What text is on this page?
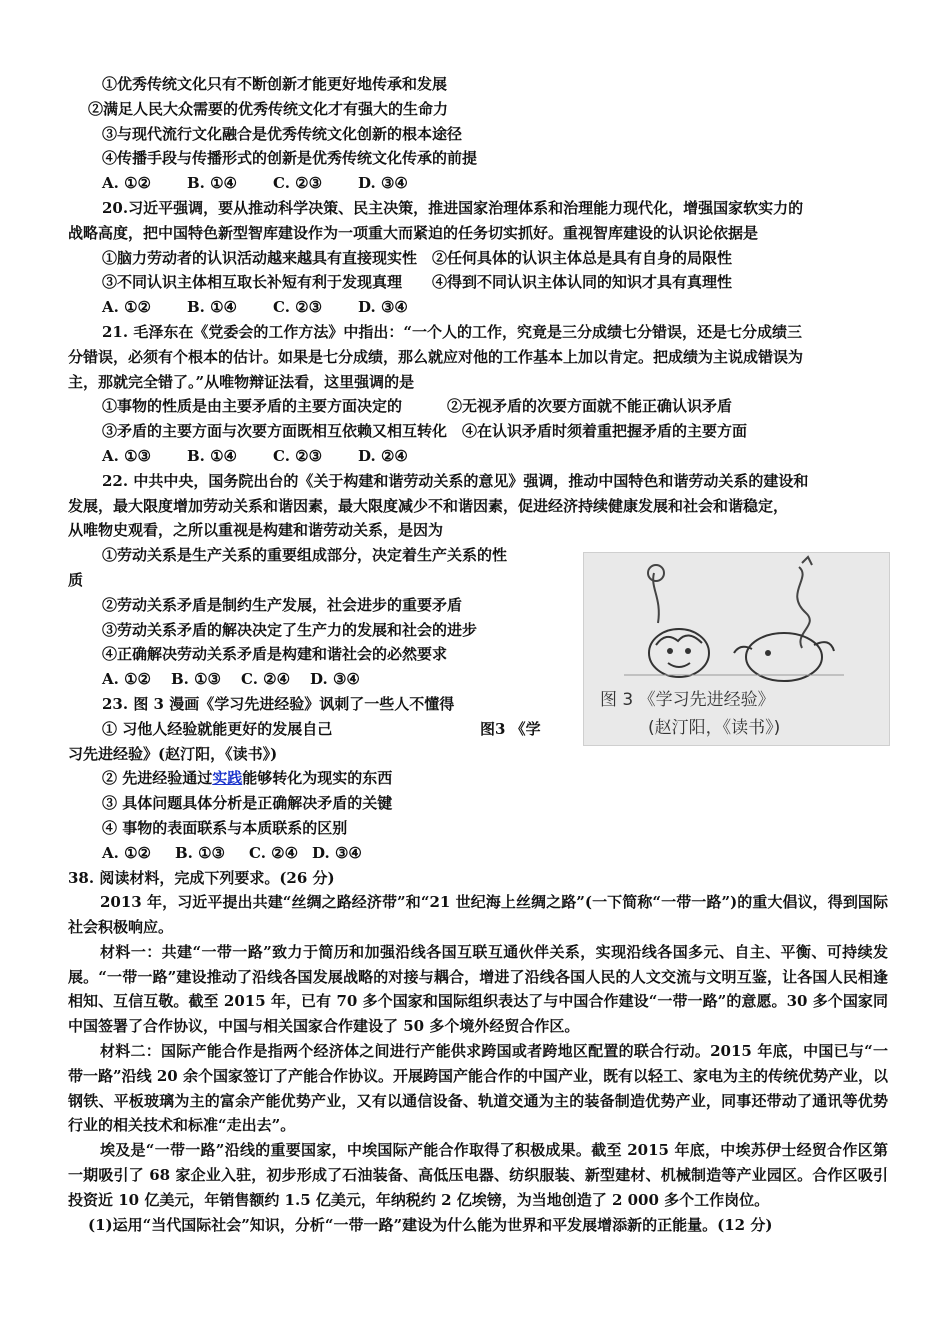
①优秀传统文化只有不断创新才能更好地传承和发展

②满足人民大众需要的优秀传统文化才有强大的生命力

③与现代流行文化融合是优秀传统文化创新的根本途径

④传播手段与传播形式的创新是优秀传统文化传承的前提

A. ①② B. ①④ C. ②③ D. ③④

20.习近平强调，要从推动科学决策、民主决策，推进国家治理体系和治理能力现代化，增强国家软实力的

战略高度，把中国特色新型智库建设作为一项重大而紧迫的任务切实抓好。重视智库建设的认识论依据是

①脑力劳动者的认识活动越来越具有直接现实性　②任何具体的认识主体总是具有自身的局限性

③不同认识主体相互取长补短有利于发现真理　　④得到不同认识主体认同的知识才具有真理性

A. ①② B. ①④ C. ②③ D. ③④

21. 毛泽东在《党委会的工作方法》中指出：“一个人的工作，究竟是三分成绩七分错误，还是七分成绩三

分错误，必须有个根本的估计。如果是七分成绩，那么就应对他的工作基本上加以肯定。把成绩为主说成错误为

主，那就完全错了。”从唯物辩证法看，这里强调的是

①事物的性质是由主要矛盾的主要方面决定的　　　②无视矛盾的次要方面就不能正确认识矛盾

③矛盾的主要方面与次要方面既相互依赖又相互转化　④在认识矛盾时须着重把握矛盾的主要方面

A. ①③ B. ①④ C. ②③ D. ②④

22. 中共中央，国务院出台的《关于构建和谐劳动关系的意见》强调，推动中国特色和谐劳动关系的建设和

发展，最大限度增加劳动关系和谐因素，最大限度减少不和谐因素，促进经济持续健康发展和社会和谐稳定，

从唯物史观看，之所以重视是构建和谐劳动关系，是因为

①劳动关系是生产关系的重要组成部分，决定着生产关系的性

质

②劳动关系矛盾是制约生产发展，社会进步的重要矛盾

③劳动关系矛盾的解决决定了生产力的发展和社会的进步

④正确解决劳动关系矛盾是构建和谐社会的必然要求

A. ①② B. ①③ C. ②④ D. ③④

23. 图 3 漫画《学习先进经验》讽刺了一些人不懂得

① 习他人经验就能更好的发展自己	图3 《学

习先进经验》(赵汀阳，《读书》)

② 先进经验通过实践能够转化为现实的东西

③ 具体问题具体分析是正确解决矛盾的关键

④ 事物的表面联系与本质联系的区别

A. ①② B. ①③ C. ②④ D. ③④

38. 阅读材料，完成下列要求。(26 分)

2013 年，习近平提出共建“丝绸之路经济带”和“21 世纪海上丝绸之路”(一下简称“一带一路”)的重大倡议，得到国际社会积极响应。

材料一：共建“一带一路”致力于简历和加强沿线各国互联互通伙伴关系，实现沿线各国多元、自主、平衡、可持续发展。“一带一路”建设推动了沿线各国发展战略的对接与耦合，增进了沿线各国人民的人文交流与文明互鉴，让各国人民相逢相知、互信互敬。截至 2015 年，已有 70 多个国家和国际组织表达了与中国合作建设“一带一路”的意愿。30 多个国家同中国签署了合作协议，中国与相关国家合作建设了 50 多个境外经贸合作区。

材料二：国际产能合作是指两个经济体之间进行产能供求跨国或者跨地区配置的联合行动。2015 年底，中国已与“一带一路”沿线 20 余个国家签订了产能合作协议。开展跨国产能合作的中国产业，既有以轻工、家电为主的传统优势产业，以钢铁、平板玻璃为主的富余产能优势产业，又有以通信设备、轨道交通为主的装备制造优势产业，同事还带动了通讯等优势行业的相关技术和标准“走出去”。

埃及是“一带一路”沿线的重要国家，中埃国际产能合作取得了积极成果。截至 2015 年底，中埃苏伊士经贸合作区第一期吸引了 68 家企业入驻，初步形成了石油装备、高低压电器、纺织服装、新型建材、机械制造等产业园区。合作区吸引投资近 10 亿美元，年销售额约 1.5 亿美元，年纳税约 2 亿埃镑，为当地创造了 2 000 多个工作岗位。

(1)运用“当代国际社会”知识，分析“一带一路”建设为什么能为世界和平发展增添新的正能量。(12 分)

图 3 《学习先进经验》
(赵汀阳，《读书》)
